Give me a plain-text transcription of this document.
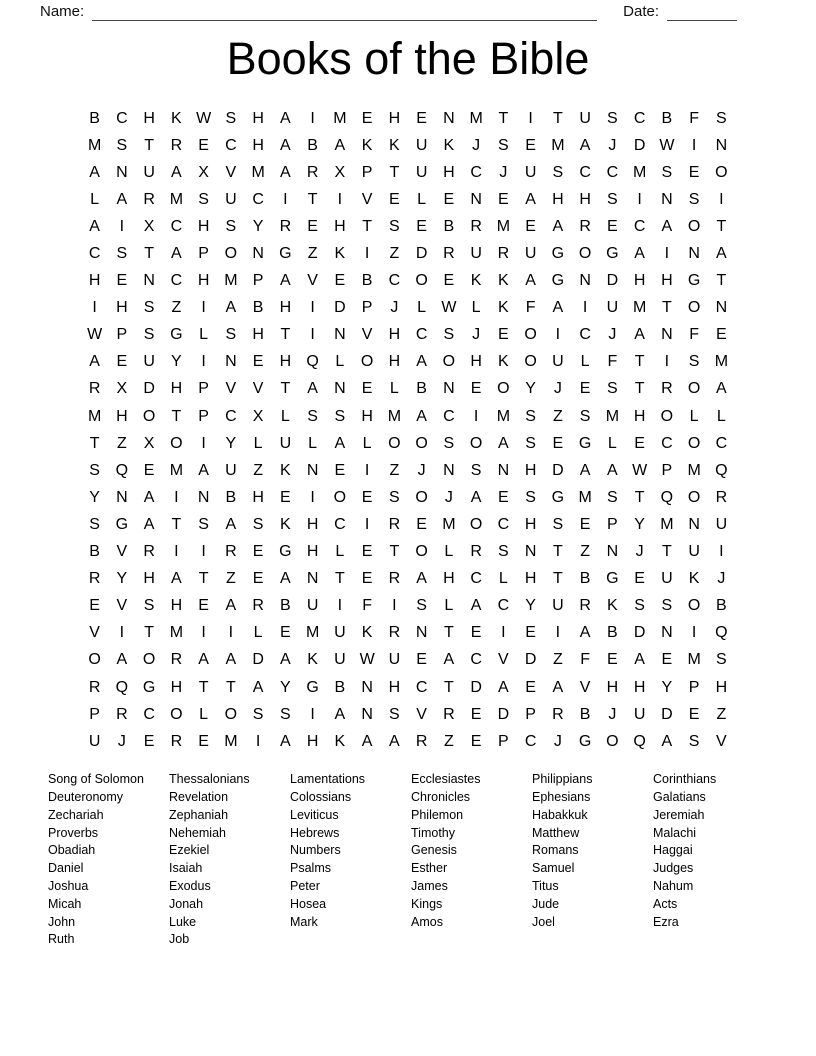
Name:	Date:
Books of the Bible
B	C H	K W S	H	A	I	M E	H	E	N M T	I	T	U	S	C	B	F	S
M S	T	R	E	C H	A	B	A	K	K	U	K	J	S	E M A	J	D W	I	N
A	N U	A	X	V M A	R	X	P	T	U H C	J	U	S	C C M S	E O
L	A	R M S	U C	I	T	I	V	E	L	E	N	E	A	H H	S	I	N	S	I
A	I	X	C H	S	Y	R	E	H	T	S	E	B	R M E	A	R	E	C	A O	T
C	S	T	A	P O N G	Z	K	I	Z	D R U R U G O G A	I	N	A
H	E	N C H M P	A	V	E	B	C O E	K	K	A G N D H H G	T
I	H	S	Z	I	A	B	H	I	D	P	J	L W L	K	F	A	I	U M T	O N
W P	S G	L	S	H	T	I	N	V	H C	S	J	E O	I	C	J	A	N	F	E
A	E	U	Y	I	N	E	H Q	L	O H	A O H	K O U	L	F	T	I	S M
R	X	D H	P	V	V	T	A	N	E	L	B	N	E O Y	J	E	S	T	R O A
M H O	T	P	C	X	L	S	S	H M A	C	I	M S	Z	S M H O	L	L
T	Z	X O	I	Y	L	U	L	A	L	O O S O A	S	E G	L	E	C O C
S Q E M A	U	Z	K	N	E	I	Z	J	N	S	N H D	A	A W P M Q
Y	N	A	I	N	B	H	E	I	O E	S O	J	A	E	S G M S	T	Q O R
S G A	T	S	A	S	K	H C	I	R	E M O C H	S	E	P	Y M N U
B	V	R	I	I	R	E G H	L	E	T	O	L	R	S	N	T	Z	N	J	T	U	I
R	Y	H	A	T	Z	E	A	N	T	E	R	A	H C	L	H	T	B G E	U	K	J
E	V	S	H	E	A	R	B	U	I	F	I	S	L	A	C	Y	U R	K	S	S O B
V	I	T M	I	I	L	E M U	K	R N	T	E	I	E	I	A	B	D N	I	Q
O A O R	A	A	D	A	K	U W U	E	A	C	V	D	Z	F	E	A	E M S
R Q G H	T	T	A	Y G B	N H C	T	D	A	E	A	V	H H	Y	P	H
P	R C O	L	O S	S	I	A	N	S	V	R	E	D	P	R	B	J	U D	E	Z
U	J	E	R	E M	I	A	H	K	A	A	R	Z	E	P	C	J	G O Q A	S	V
Song of Solomon
Deuteronomy
Zechariah
Proverbs
Obadiah
Daniel
Joshua
Micah
John
Ruth
Thessalonians
Revelation
Zephaniah
Nehemiah
Ezekiel
Isaiah
Exodus
Jonah
Luke
Job
Lamentations
Colossians
Leviticus
Hebrews
Numbers
Psalms
Peter
Hosea
Mark
Ecclesiastes
Chronicles
Philemon
Timothy
Genesis
Esther
James
Kings
Amos
Philippians
Ephesians
Habakkuk
Matthew
Romans
Samuel
Titus
Jude
Joel
Corinthians
Galatians
Jeremiah
Malachi
Haggai
Judges
Nahum
Acts
Ezra
